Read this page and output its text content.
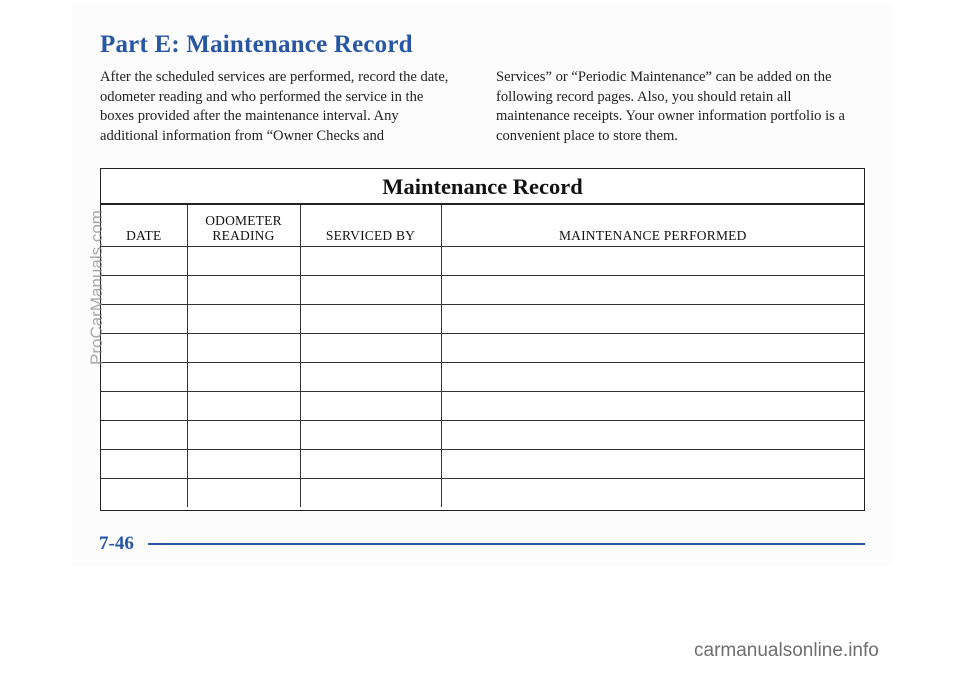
Part E: Maintenance Record

After the scheduled services are performed, record the date, odometer reading and who performed the service in the boxes provided after the maintenance interval. Any additional information from “Owner Checks and

Services” or “Periodic Maintenance” can be added on the following record pages. Also, you should retain all maintenance receipts. Your owner information portfolio is a convenient place to store them.

Maintenance Record
DATE	ODOMETER READING	SERVICED BY	MAINTENANCE PERFORMED

7-46
ProCarManuals.com
carmanualsonline.info
